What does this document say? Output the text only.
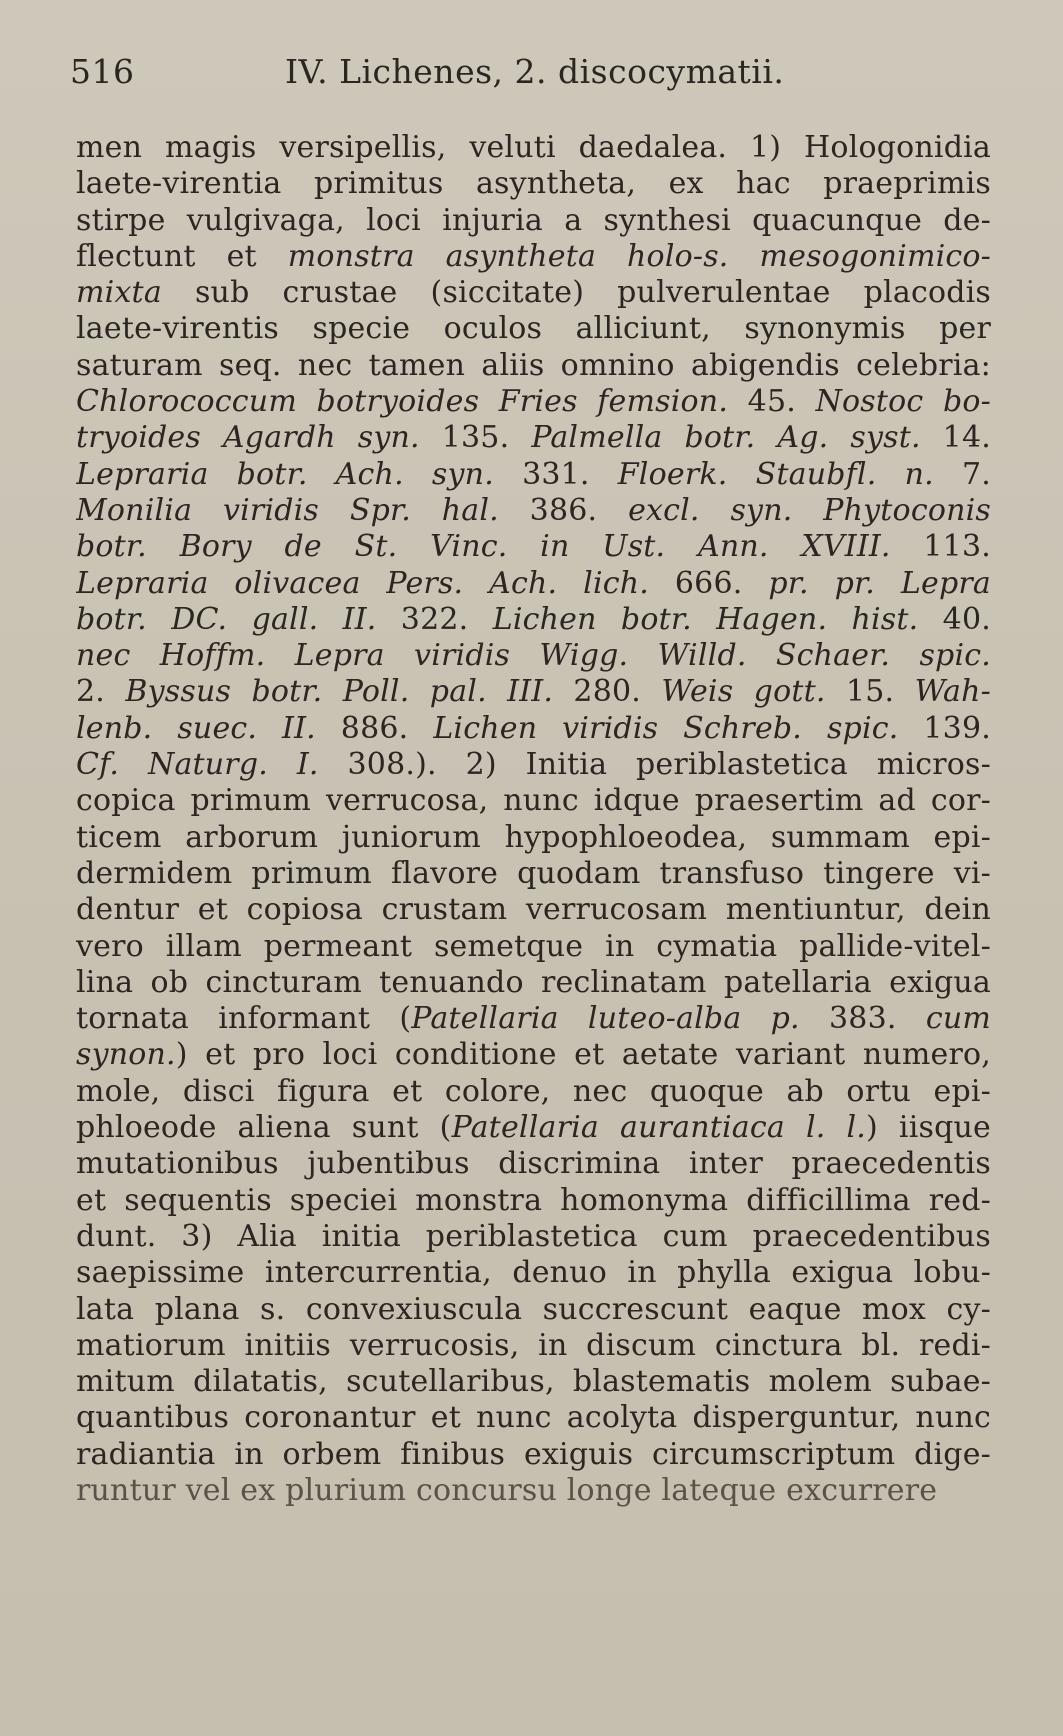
516	IV. Lichenes, 2. discocymatii.
men magis versipellis, veluti daedalea. 1) Hologonidia
laete-virentia primitus asyntheta, ex hac praeprimis
stirpe vulgivaga, loci injuria a synthesi quacunque de-
flectunt et monstra asyntheta holo-s. mesogonimico-
mixta sub crustae (siccitate) pulverulentae placodis
laete-virentis specie oculos alliciunt, synonymis per
saturam seq. nec tamen aliis omnino abigendis celebria:
Chlorococcum botryoides Fries femsion. 45. Nostoc bo-
tryoides Agardh syn. 135. Palmella botr. Ag. syst. 14.
Lepraria botr. Ach. syn. 331. Floerk. Staubfl. n. 7.
Monilia viridis Spr. hal. 386. excl. syn. Phytoconis
botr. Bory de St. Vinc. in Ust. Ann. XVIII. 113.
Lepraria olivacea Pers. Ach. lich. 666. pr. pr. Lepra
botr. DC. gall. II. 322. Lichen botr. Hagen. hist. 40.
nec Hoffm. Lepra viridis Wigg. Willd. Schaer. spic.
2. Byssus botr. Poll. pal. III. 280. Weis gott. 15. Wah-
lenb. suec. II. 886. Lichen viridis Schreb. spic. 139.
Cf. Naturg. I. 308.). 2) Initia periblastetica micros-
copica primum verrucosa, nunc idque praesertim ad cor-
ticem arborum juniorum hypophloeodea, summam epi-
dermidem primum flavore quodam transfuso tingere vi-
dentur et copiosa crustam verrucosam mentiuntur, dein
vero illam permeant semetque in cymatia pallide-vitel-
lina ob cincturam tenuando reclinatam patellaria exigua
tornata informant (Patellaria luteo-alba p. 383. cum
synon.) et pro loci conditione et aetate variant numero,
mole, disci figura et colore, nec quoque ab ortu epi-
phloeode aliena sunt (Patellaria aurantiaca l. l.) iisque
mutationibus jubentibus discrimina inter praecedentis
et sequentis speciei monstra homonyma difficillima red-
dunt. 3) Alia initia periblastetica cum praecedentibus
saepissime intercurrentia, denuo in phylla exigua lobu-
lata plana s. convexiuscula succrescunt eaque mox cy-
matiorum initiis verrucosis, in discum cinctura bl. redi-
mitum dilatatis, scutellaribus, blastematis molem subae-
quantibus coronantur et nunc acolyta disperguntur, nunc
radiantia in orbem finibus exiguis circumscriptum dige-
runtur vel ex plurium concursu longe lateque excurrere
